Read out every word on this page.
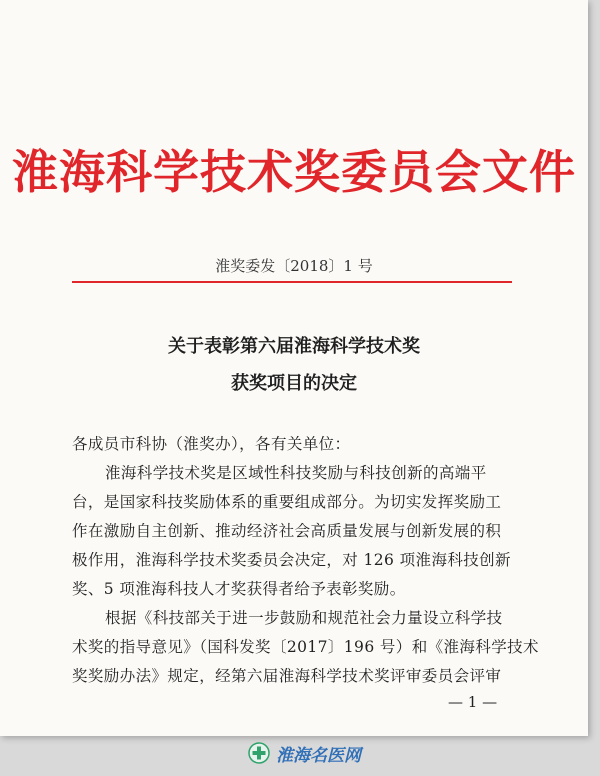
淮海科学技术奖委员会文件
淮奖委发〔2018〕1 号
关于表彰第六届淮海科学技术奖
获奖项目的决定
各成员市科协（淮奖办），各有关单位：
淮海科学技术奖是区域性科技奖励与科技创新的高端平
台，是国家科技奖励体系的重要组成部分。为切实发挥奖励工
作在激励自主创新、推动经济社会高质量发展与创新发展的积
极作用，淮海科学技术奖委员会决定，对 126 项淮海科技创新
奖、5 项淮海科技人才奖获得者给予表彰奖励。
根据《科技部关于进一步鼓励和规范社会力量设立科学技
术奖的指导意见》（国科发奖〔2017〕196 号）和《淮海科学技术
奖奖励办法》规定，经第六届淮海科学技术奖评审委员会评审
— 1 —
淮海名医网
